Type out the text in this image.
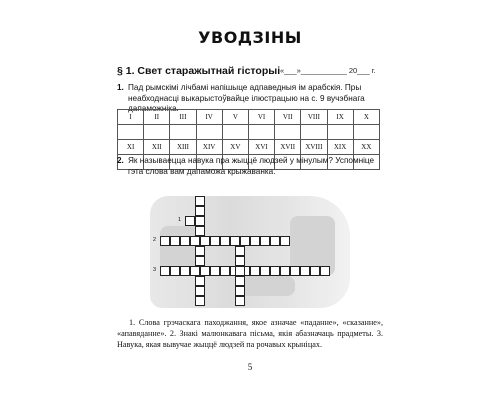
УВОДЗІНЫ
§ 1. Свет старажытнай гісторыі «___»___________ 20___ г.
1. Пад рымскімі лічбамі напішыце адпаведныя ім арабскія. Пры неабходнасці выкарыстоўвайце ілюстрацыю на с. 9 вучэбнага дапаможніка.
I	II	III	IV	V	VI	VII	VIII	IX	X

XI	XII	XIII	XIV	XV	XVI	XVII	XVIII	XIX	XX

2. Як называецца навука пра жыццё людзей у мінулым? Успомніце гэта слова вам дапаможа крыжаванка.
1
2
3
1. Слова грэчаскага паходжання, якое азначае «паданне», «сказанне», «апавяданне». 2. Знакі малюнкавага пісьма, якія абазначаць прадметы. 3. Навука, якая вывучае жыццё людзей па рочавых крыніцах.
5
